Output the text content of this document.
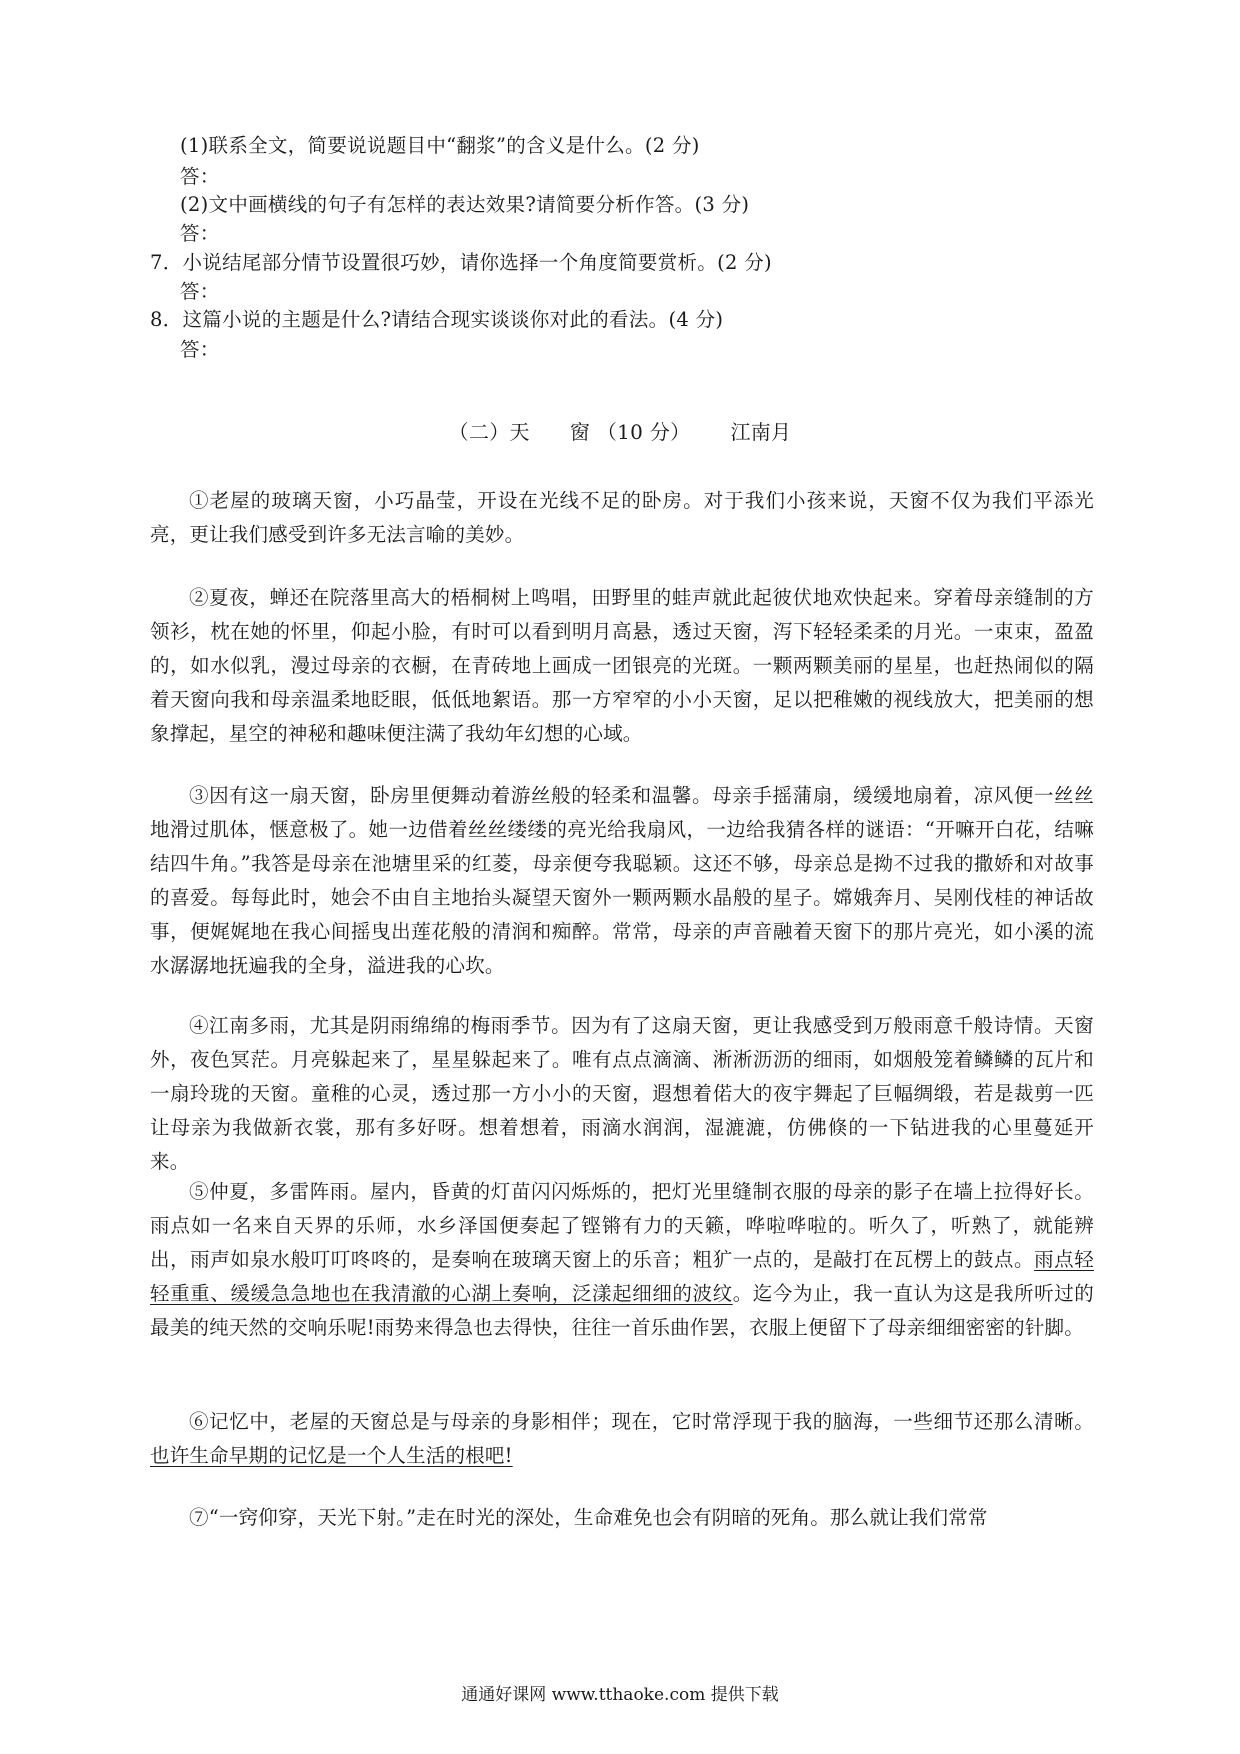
(1)联系全文，简要说说题目中“翻浆”的含义是什么。(2 分)
答：
(2)文中画横线的句子有怎样的表达效果?请简要分析作答。(3 分)
答：
7．小说结尾部分情节设置很巧妙，请你选择一个角度简要赏析。(2 分)
答：
8．这篇小说的主题是什么?请结合现实谈谈你对此的看法。(4 分)
答：
（二）天 窗 （10 分） 江南月
①老屋的玻璃天窗，小巧晶莹，开设在光线不足的卧房。对于我们小孩来说，天窗不仅为我们平添光亮，更让我们感受到许多无法言喻的美妙。
②夏夜，蝉还在院落里高大的梧桐树上鸣唱，田野里的蛙声就此起彼伏地欢快起来。穿着母亲缝制的方领衫，枕在她的怀里，仰起小脸，有时可以看到明月高悬，透过天窗，泻下轻轻柔柔的月光。一束束，盈盈的，如水似乳，漫过母亲的衣橱，在青砖地上画成一团银亮的光斑。一颗两颗美丽的星星，也赶热闹似的隔着天窗向我和母亲温柔地眨眼，低低地絮语。那一方窄窄的小小天窗，足以把稚嫩的视线放大，把美丽的想象撑起，星空的神秘和趣味便注满了我幼年幻想的心域。
③因有这一扇天窗，卧房里便舞动着游丝般的轻柔和温馨。母亲手摇蒲扇，缓缓地扇着，凉风便一丝丝地滑过肌体，惬意极了。她一边借着丝丝缕缕的亮光给我扇风，一边给我猜各样的谜语：“开嘛开白花，结嘛结四牛角。”我答是母亲在池塘里采的红菱，母亲便夸我聪颖。这还不够，母亲总是拗不过我的撒娇和对故事的喜爱。每每此时，她会不由自主地抬头凝望天窗外一颗两颗水晶般的星子。嫦娥奔月、吴刚伐桂的神话故事，便娓娓地在我心间摇曳出莲花般的清润和痴醉。常常，母亲的声音融着天窗下的那片亮光，如小溪的流水潺潺地抚遍我的全身，溢进我的心坎。
④江南多雨，尤其是阴雨绵绵的梅雨季节。因为有了这扇天窗，更让我感受到万般雨意千般诗情。天窗外，夜色冥茫。月亮躲起来了，星星躲起来了。唯有点点滴滴、淅淅沥沥的细雨，如烟般笼着鳞鳞的瓦片和一扇玲珑的天窗。童稚的心灵，透过那一方小小的天窗，遐想着偌大的夜宇舞起了巨幅绸缎，若是裁剪一匹让母亲为我做新衣裳，那有多好呀。想着想着，雨滴水润润，湿漉漉，仿佛倏的一下钻进我的心里蔓延开来。
⑤仲夏，多雷阵雨。屋内，昏黄的灯苗闪闪烁烁的，把灯光里缝制衣服的母亲的影子在墙上拉得好长。雨点如一名来自天界的乐师，水乡泽国便奏起了铿锵有力的天籁，哗啦哗啦的。听久了，听熟了，就能辨出，雨声如泉水般叮叮咚咚的，是奏响在玻璃天窗上的乐音；粗犷一点的，是敲打在瓦楞上的鼓点。雨点轻轻重重、缓缓急急地也在我清澈的心湖上奏响，泛漾起细细的波纹。迄今为止，我一直认为这是我所听过的最美的纯天然的交响乐呢!雨势来得急也去得快，往往一首乐曲作罢，衣服上便留下了母亲细细密密的针脚。
⑥记忆中，老屋的天窗总是与母亲的身影相伴；现在，它时常浮现于我的脑海，一些细节还那么清晰。也许生命早期的记忆是一个人生活的根吧!
⑦“一窍仰穿，天光下射。”走在时光的深处，生命难免也会有阴暗的死角。那么就让我们常常
通通好课网 www.tthaoke.com 提供下载
